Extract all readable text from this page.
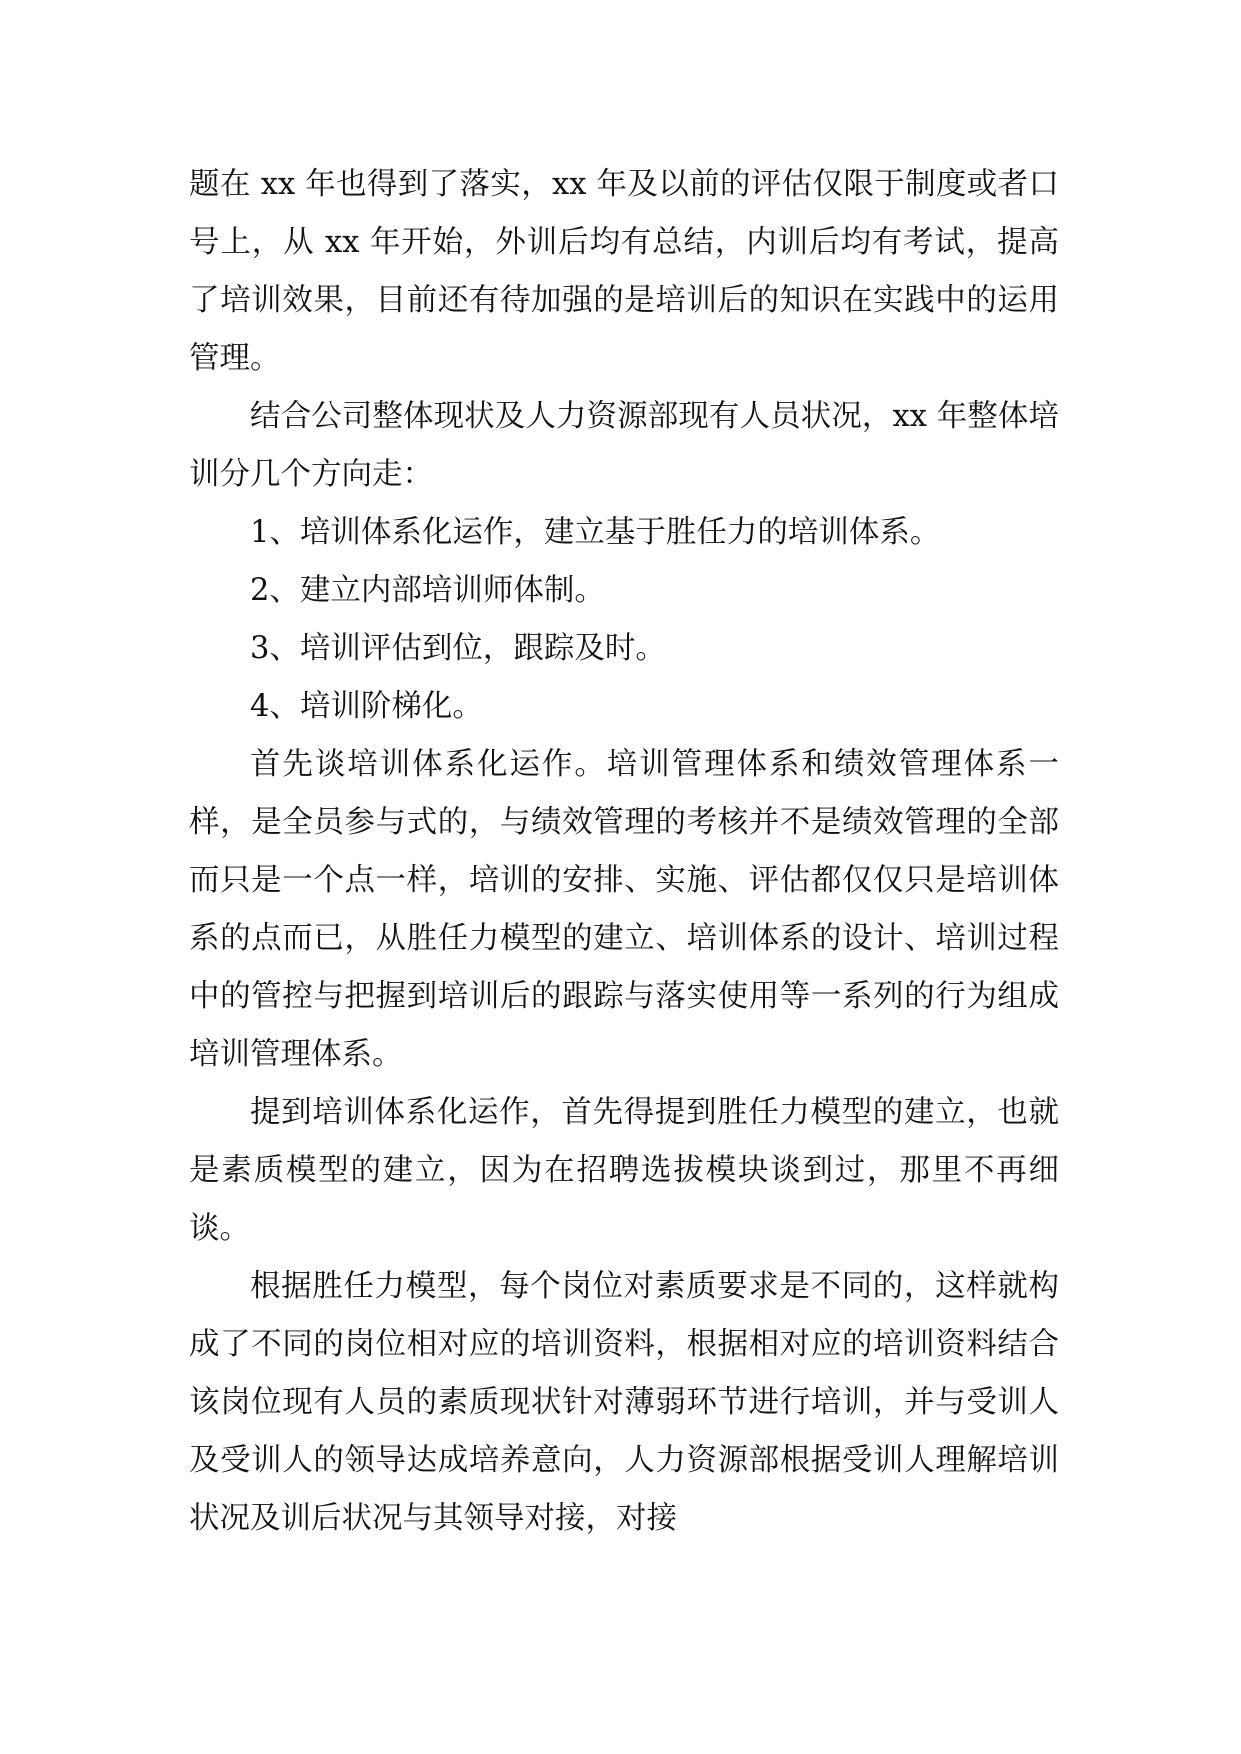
题在 xx 年也得到了落实，xx 年及以前的评估仅限于制度或者口号上，从 xx 年开始，外训后均有总结，内训后均有考试，提高了培训效果，目前还有待加强的是培训后的知识在实践中的运用管理。

结合公司整体现状及人力资源部现有人员状况，xx 年整体培训分几个方向走：

1、培训体系化运作，建立基于胜任力的培训体系。

2、建立内部培训师体制。

3、培训评估到位，跟踪及时。

4、培训阶梯化。

首先谈培训体系化运作。培训管理体系和绩效管理体系一样，是全员参与式的，与绩效管理的考核并不是绩效管理的全部而只是一个点一样，培训的安排、实施、评估都仅仅只是培训体系的点而已，从胜任力模型的建立、培训体系的设计、培训过程中的管控与把握到培训后的跟踪与落实使用等一系列的行为组成培训管理体系。

提到培训体系化运作，首先得提到胜任力模型的建立，也就是素质模型的建立，因为在招聘选拔模块谈到过，那里不再细谈。

根据胜任力模型，每个岗位对素质要求是不同的，这样就构成了不同的岗位相对应的培训资料，根据相对应的培训资料结合该岗位现有人员的素质现状针对薄弱环节进行培训，并与受训人及受训人的领导达成培养意向，人力资源部根据受训人理解培训状况及训后状况与其领导对接，对接
